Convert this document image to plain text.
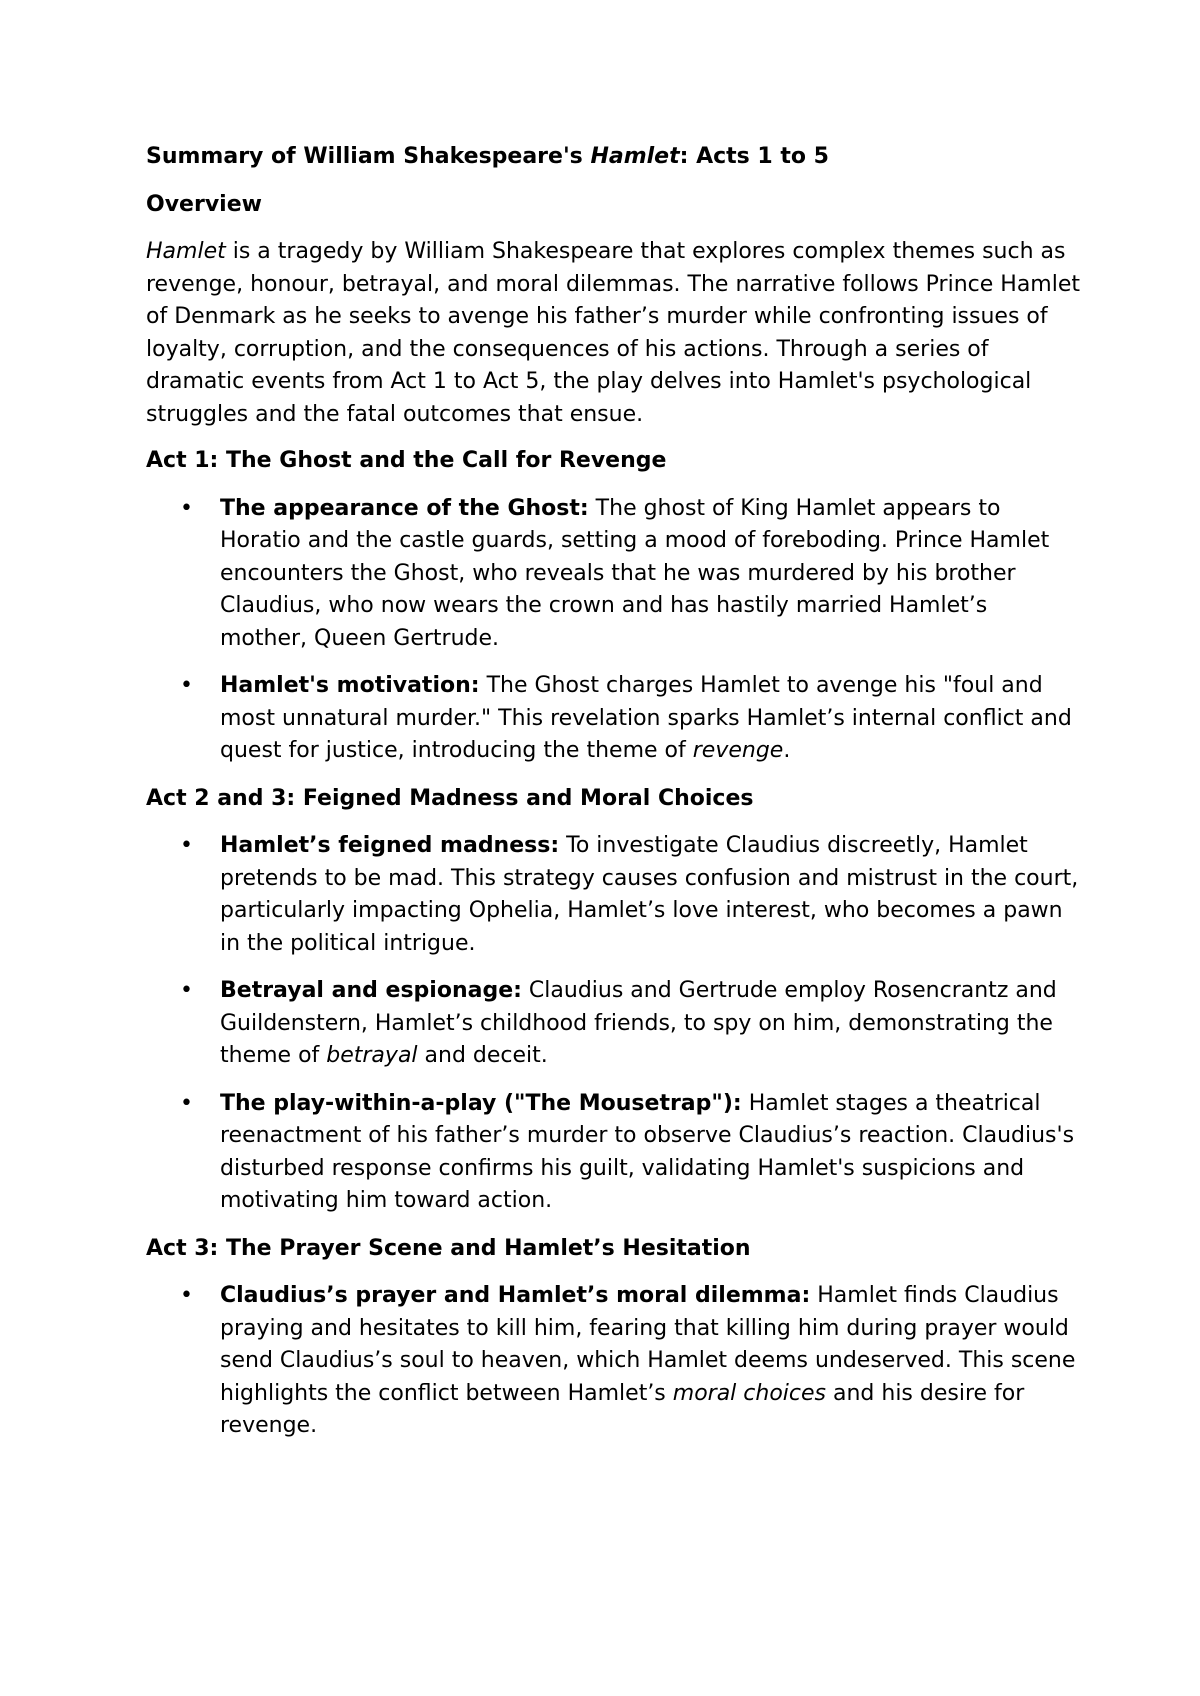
Summary of William Shakespeare's Hamlet: Acts 1 to 5
Overview

Hamlet is a tragedy by William Shakespeare that explores complex themes such as revenge, honour, betrayal, and moral dilemmas. The narrative follows Prince Hamlet of Denmark as he seeks to avenge his father’s murder while confronting issues of loyalty, corruption, and the consequences of his actions. Through a series of dramatic events from Act 1 to Act 5, the play delves into Hamlet's psychological struggles and the fatal outcomes that ensue.

Act 1: The Ghost and the Call for Revenge
• The appearance of the Ghost: The ghost of King Hamlet appears to Horatio and the castle guards, setting a mood of foreboding. Prince Hamlet encounters the Ghost, who reveals that he was murdered by his brother Claudius, who now wears the crown and has hastily married Hamlet’s mother, Queen Gertrude.
• Hamlet's motivation: The Ghost charges Hamlet to avenge his "foul and most unnatural murder." This revelation sparks Hamlet’s internal conflict and quest for justice, introducing the theme of revenge.
Act 2 and 3: Feigned Madness and Moral Choices
• Hamlet’s feigned madness: To investigate Claudius discreetly, Hamlet pretends to be mad. This strategy causes confusion and mistrust in the court, particularly impacting Ophelia, Hamlet’s love interest, who becomes a pawn in the political intrigue.
• Betrayal and espionage: Claudius and Gertrude employ Rosencrantz and Guildenstern, Hamlet’s childhood friends, to spy on him, demonstrating the theme of betrayal and deceit.
• The play-within-a-play ("The Mousetrap"): Hamlet stages a theatrical reenactment of his father’s murder to observe Claudius’s reaction. Claudius's disturbed response confirms his guilt, validating Hamlet's suspicions and motivating him toward action.
Act 3: The Prayer Scene and Hamlet’s Hesitation
• Claudius’s prayer and Hamlet’s moral dilemma: Hamlet finds Claudius praying and hesitates to kill him, fearing that killing him during prayer would send Claudius’s soul to heaven, which Hamlet deems undeserved. This scene highlights the conflict between Hamlet’s moral choices and his desire for revenge.
